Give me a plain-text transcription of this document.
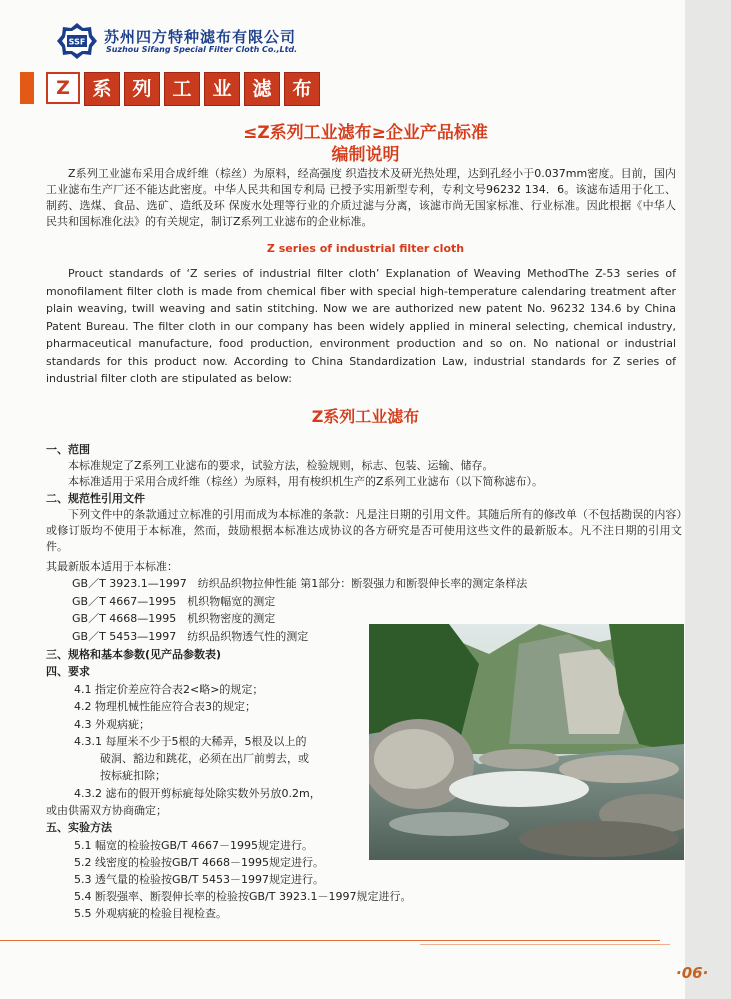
SSF 苏州四方特种滤布有限公司
Suzhou Sifang Special Filter Cloth Co.,Ltd.
Z	系	列	工	业	滤	布
≤Z系列工业滤布≥企业产品标准
编制说明
Z系列工业滤布采用合成纤维（棕丝）为原料，经高强度 织造技术及研光热处理，达到孔经小于0.037mm密度。目前，国内工业滤布生产厂还不能达此密度。中华人民共和国专利局 已授予实用新型专利，专利文号96232 134．6。该滤布适用于化工、制药、选煤、食品、选矿、造纸及环 保废水处理等行业的介质过滤与分离，该滤市尚无国家标准、行业标准。因此根据《中华人民共和国标准化法》的有关规定，制订Z系列工业滤布的企业标准。
Z series of industrial filter cloth
Prouct standards of ‘Z series of industrial filter cloth’ Explanation of Weaving MethodThe Z-53 series of monofilament filter cloth is made from chemical fiber with special high-temperature calendaring treatment after plain weaving, twill weaving and satin stitching. Now we are authorized new patent No. 96232 134.6 by China Patent Bureau. The filter cloth in our company has been widely applied in mineral selecting, chemical industry, pharmaceutical manufacture, food production, environment production and so on. No national or industrial standards for this product now. According to China Standardization Law, industrial standards for Z series of industrial filter cloth are stipulated as below:
Z系列工业滤布
一、范围
本标准规定了Z系列工业滤布的要求，试验方法，检验规则，标志、包装、运输、储存。
本标准适用于采用合成纤维（棕丝）为原料，用有梭织机生产的Z系列工业滤布（以下简称滤布）。
二、规范性引用文件
下列文件中的条款通过立标准的引用而成为本标准的条款：凡是注日期的引用文件。其随后所有的修改单（不包括勘误的内容）或修订版均不使用于本标准，然而，鼓励根据本标准达成协议的各方研究是否可使用这些文件的最新版本。凡不注日期的引用文件。
其最新版本适用于本标准：
GB／T 3923.1—1997　纺织品织物拉伸性能 第1部分：断裂强力和断裂伸长率的测定条样法
GB／T 4667—1995　机织物幅宽的测定
GB／T 4668—1995　机织物密度的测定
GB／T 5453—1997　纺织品织物透气性的测定
三、规格和基本参数(见产品参数表)
四、要求
4.1 指定价差应符合表2<略>的规定；
4.2 物理机械性能应符合表3的规定；
4.3 外观病疵；
4.3.1 每厘米不少于5根的大稀弄，5根及以上的
破洞、豁边和跳花，必须在出厂前剪去，或
按标疵扣除；
4.3.2 滤布的假开剪标疵每处除实数外另放0.2m，
或由供需双方协商确定；
五、实验方法
5.1 幅宽的检验按GB/T 4667－1995规定进行。
5.2 线密度的检验按GB/T 4668－1995规定进行。
5.3 透气量的检验按GB/T 5453－1997规定进行。
5.4 断裂强率、断裂伸长率的检验按GB/T 3923.1－1997规定进行。
5.5 外观病疵的检验目视检查。
·06·
